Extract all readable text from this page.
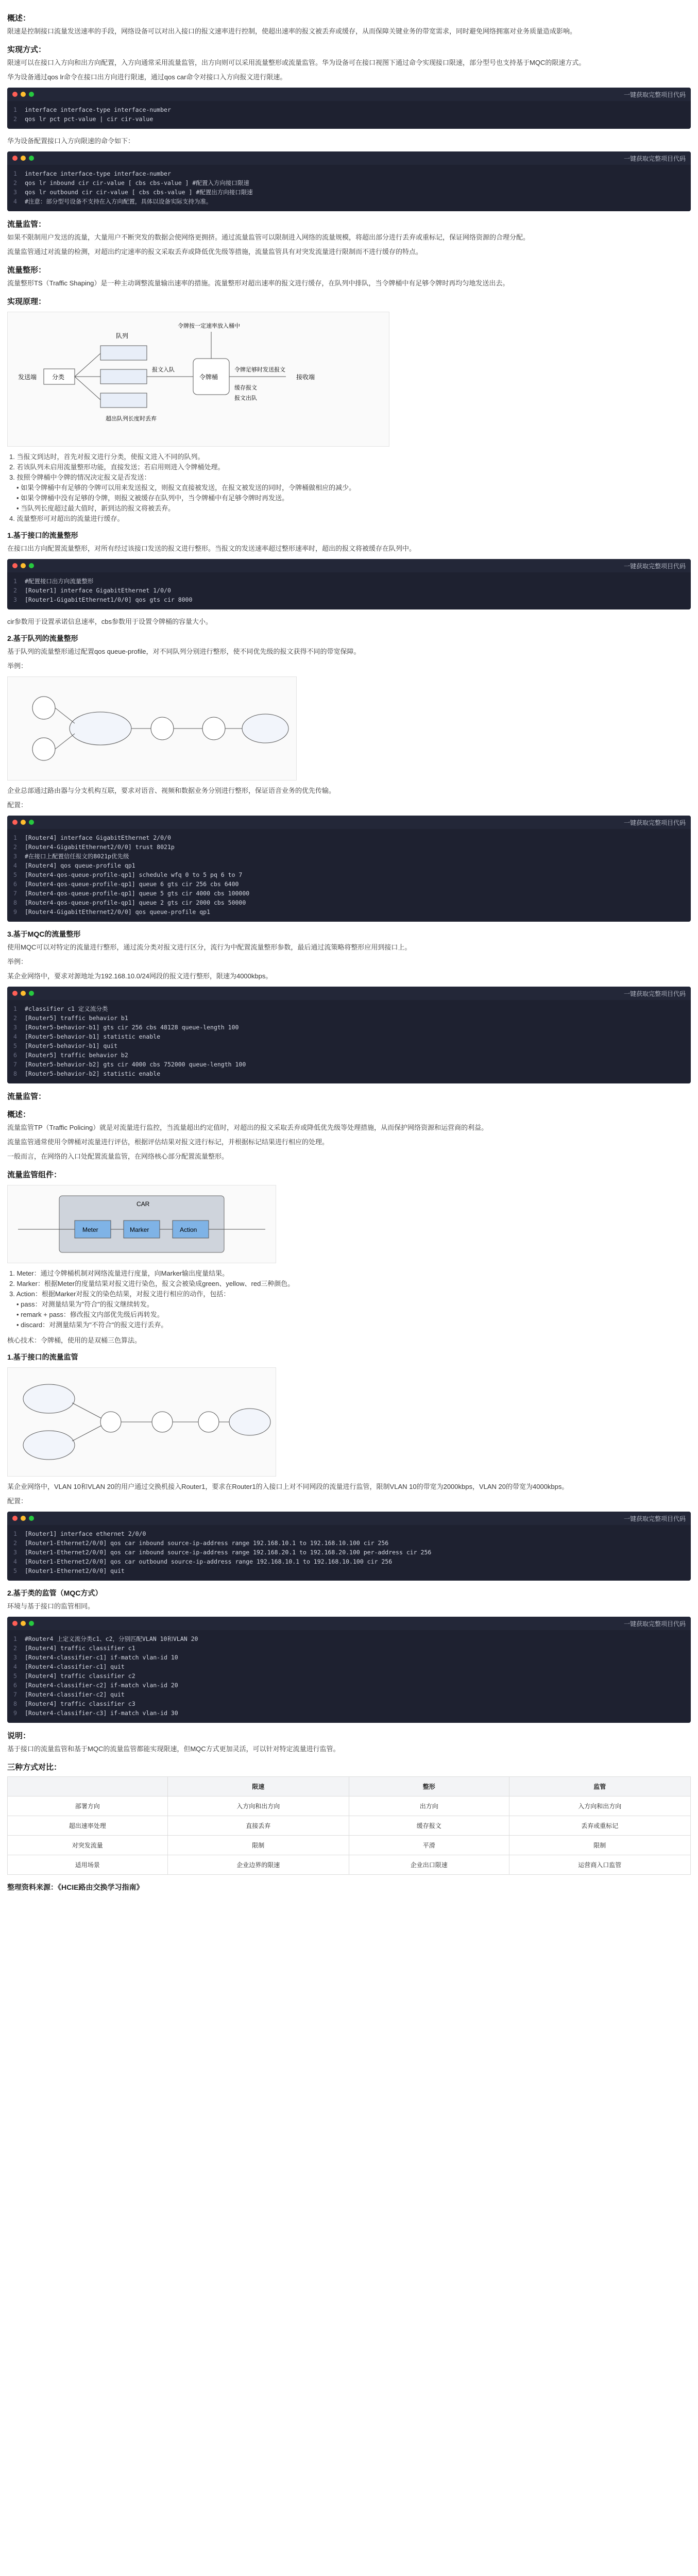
概述：
限速是控制接口流量发送速率的手段，网络设备可以对出入接口的报文速率进行控制，使超出速率的报文被丢弃或缓存，从而保障关键业务的带宽需求，同时避免网络拥塞对业务质量造成影响。
实现方式：
限速可以在接口入方向和出方向配置，入方向通常采用流量监管，出方向则可以采用流量整形或流量监管。华为设备可在接口视图下通过命令实现接口限速，部分型号也支持基于MQC的限速方式。
华为设备通过qos lr命令在接口出方向进行限速，通过qos car命令对接口入方向报文进行限速。
一键获取完整项目代码
1 interface interface-type interface-number
2 qos lr pct pct-value | cir cir-value
华为设备配置接口入方向限速的命令如下：
一键获取完整项目代码
1 interface interface-type interface-number
2 qos lr inbound cir cir-value [ cbs cbs-value ] #配置入方向接口限速
3 qos lr outbound cir cir-value [ cbs cbs-value ] #配置出方向接口限速
4 #注意：部分型号设备不支持在入方向配置，具体以设备实际支持为准。
流量监管：
如果不限制用户发送的流量，大量用户不断突发的数据会使网络更拥挤。通过流量监管可以限制进入网络的流量规模，将超出部分进行丢弃或重标记，保证网络资源的合理分配。
流量监管通过对流量的检测，对超出约定速率的报文采取丢弃或降低优先级等措施，流量监管具有对突发流量进行限制而不进行缓存的特点。
流量整形：
流量整形TS（Traffic Shaping）是一种主动调整流量输出速率的措施。流量整形对超出速率的报文进行缓存，在队列中排队，当令牌桶中有足够令牌时再均匀地发送出去。
实现原理：
发送端 分类
队列
超出队列长度时丢弃
令牌桶
令牌按一定速率放入桶中
报文入队	令牌足够时发送报文
缓存报文
报文出队
接收端
1. 当报文到达时，首先对报文进行分类，使报文进入不同的队列。
2. 若该队列未启用流量整形功能，直接发送；若启用则进入令牌桶处理。
3. 按照令牌桶中令牌的情况决定报文是否发送：
• 如果令牌桶中有足够的令牌可以用来发送报文，则报文直接被发送，在报文被发送的同时，令牌桶做相应的减少。
• 如果令牌桶中没有足够的令牌，则报文被缓存在队列中，当令牌桶中有足够令牌时再发送。
• 当队列长度超过最大值时，新到达的报文将被丢弃。
4. 流量整形可对超出的流量进行缓存。
1.基于接口的流量整形
在接口出方向配置流量整形，对所有经过该接口发送的报文进行整形。当报文的发送速率超过整形速率时，超出的报文将被缓存在队列中。
一键获取完整项目代码
1 #配置接口出方向流量整形
2 [Router1] interface GigabitEthernet 1/0/0
3 [Router1-GigabitEthernet1/0/0] qos gts cir 8000
cir参数用于设置承诺信息速率，cbs参数用于设置令牌桶的容量大小。
2.基于队列的流量整形
基于队列的流量整形通过配置qos queue-profile，对不同队列分别进行整形，使不同优先级的报文获得不同的带宽保障。
举例：
企业总部通过路由器与分支机构互联，要求对语音、视频和数据业务分别进行整形，保证语音业务的优先传输。
配置：
一键获取完整项目代码
1 [Router4] interface GigabitEthernet 2/0/0
2 [Router4-GigabitEthernet2/0/0] trust 8021p
3 #在接口上配置信任报文的8021p优先级
4 [Router4] qos queue-profile qp1
5 [Router4-qos-queue-profile-qp1] schedule wfq 0 to 5 pq 6 to 7
6 [Router4-qos-queue-profile-qp1] queue 6 gts cir 256 cbs 6400
7 [Router4-qos-queue-profile-qp1] queue 5 gts cir 4000 cbs 100000
8 [Router4-qos-queue-profile-qp1] queue 2 gts cir 2000 cbs 50000
9 [Router4-GigabitEthernet2/0/0] qos queue-profile qp1
3.基于MQC的流量整形
使用MQC可以对特定的流量进行整形，通过流分类对报文进行区分，流行为中配置流量整形参数，最后通过流策略将整形应用到接口上。
举例：
某企业网络中，要求对源地址为192.168.10.0/24网段的报文进行整形，限速为4000kbps。
一键获取完整项目代码
1 #classifier c1 定义流分类
2 [Router5] traffic behavior b1
3 [Router5-behavior-b1] gts cir 256 cbs 48128 queue-length 100
4 [Router5-behavior-b1] statistic enable
5 [Router5-behavior-b1] quit
6 [Router5] traffic behavior b2
7 [Router5-behavior-b2] gts cir 4000 cbs 752000 queue-length 100
8 [Router5-behavior-b2] statistic enable
流量监管：
概述：
流量监管TP（Traffic Policing）就是对流量进行监控，当流量超出约定值时，对超出的报文采取丢弃或降低优先级等处理措施，从而保护网络资源和运营商的利益。
流量监管通常使用令牌桶对流量进行评估，根据评估结果对报文进行标记，并根据标记结果进行相应的处理。
一般而言，在网络的入口处配置流量监管，在网络核心部分配置流量整形。
流量监管组件：
CAR
Meter	Marker	Action
1. Meter：通过令牌桶机制对网络流量进行度量，向Marker输出度量结果。
2. Marker：根据Meter的度量结果对报文进行染色，报文会被染成green、yellow、red三种颜色。
3. Action：根据Marker对报文的染色结果，对报文进行相应的动作，包括：
• pass：对测量结果为"符合"的报文继续转发。
• remark + pass：修改报文内部优先级后再转发。
• discard：对测量结果为"不符合"的报文进行丢弃。
核心技术：令牌桶，使用的是双桶三色算法。
1.基于接口的流量监管
某企业网络中，VLAN 10和VLAN 20的用户通过交换机接入Router1，要求在Router1的入接口上对不同网段的流量进行监管，限制VLAN 10的带宽为2000kbps，VLAN 20的带宽为4000kbps。
配置：
一键获取完整项目代码
1 [Router1] interface ethernet 2/0/0
2 [Router1-Ethernet2/0/0] qos car inbound source-ip-address range 192.168.10.1 to 192.168.10.100 cir 256
3 [Router1-Ethernet2/0/0] qos car inbound source-ip-address range 192.168.20.1 to 192.168.20.100 per-address cir 256
4 [Router1-Ethernet2/0/0] qos car outbound source-ip-address range 192.168.10.1 to 192.168.10.100 cir 256
5 [Router1-Ethernet2/0/0] quit
2.基于类的监管（MQC方式）
环境与基于接口的监管相同。
一键获取完整项目代码
1 #Router4 上定义流分类c1、c2，分别匹配VLAN 10和VLAN 20
2 [Router4] traffic classifier c1
3 [Router4-classifier-c1] if-match vlan-id 10
4 [Router4-classifier-c1] quit
5 [Router4] traffic classifier c2
6 [Router4-classifier-c2] if-match vlan-id 20
7 [Router4-classifier-c2] quit
8 [Router4] traffic classifier c3
9 [Router4-classifier-c3] if-match vlan-id 30
说明：
基于接口的流量监管和基于MQC的流量监管都能实现限速，但MQC方式更加灵活，可以针对特定流量进行监管。
三种方式对比：
	限速	整形	监管
部署方向	入方向和出方向	出方向	入方向和出方向
超出速率处理	直接丢弃	缓存报文	丢弃或重标记
对突发流量	限制	平滑	限制
适用场景	企业边界的限速	企业出口限速	运营商入口监管
整理资料来源：《HCIE路由交换学习指南》
